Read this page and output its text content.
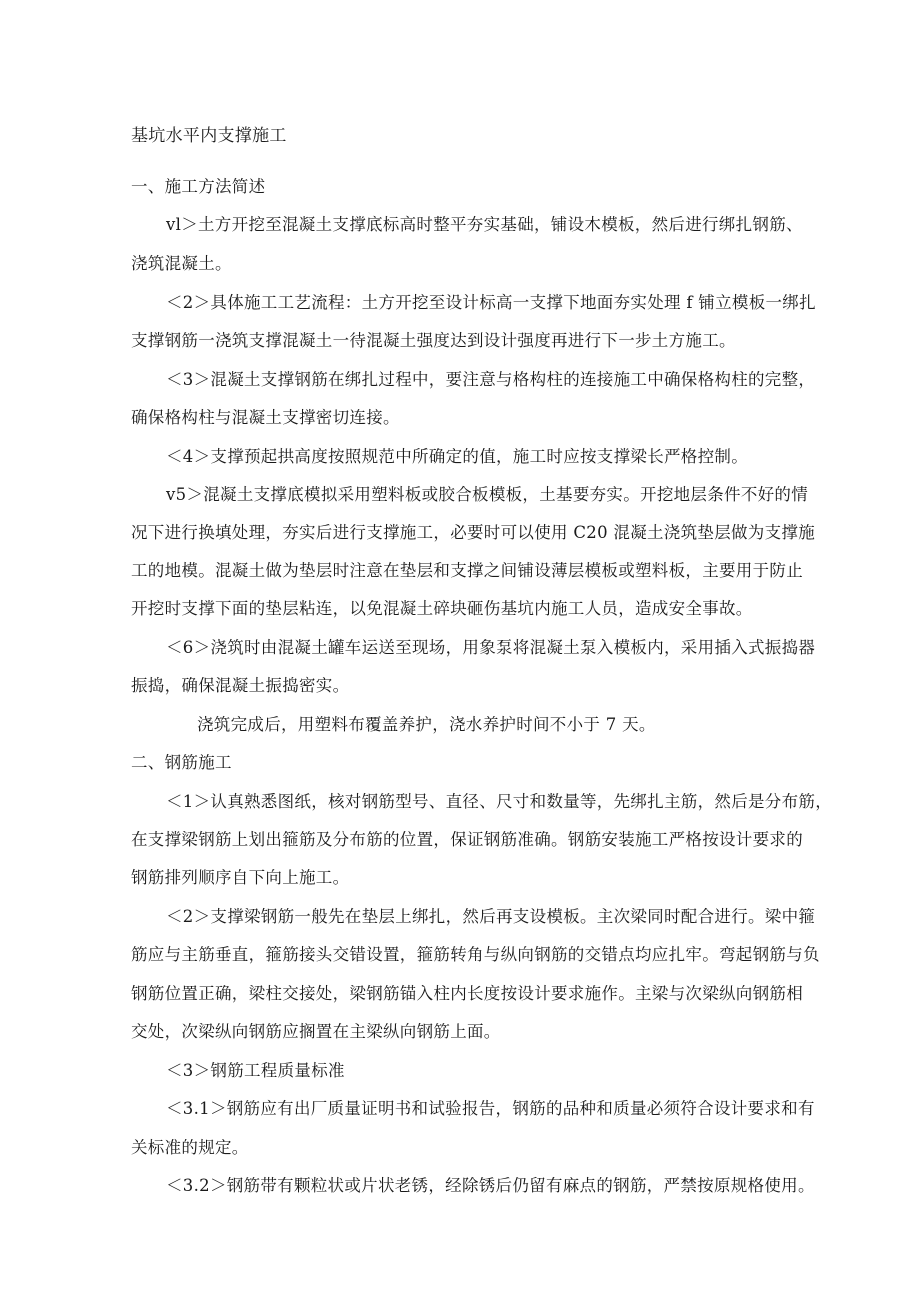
基坑水平内支撑施工
一、施工方法简述
vl＞土方开挖至混凝土支撑底标高时整平夯实基础，铺设木模板，然后进行绑扎钢筋、
浇筑混凝土。
＜2＞具体施工工艺流程：土方开挖至设计标高一支撑下地面夯实处理 f 铺立模板一绑扎
支撑钢筋一浇筑支撑混凝土一待混凝土强度达到设计强度再进行下一步土方施工。
＜3＞混凝土支撑钢筋在绑扎过程中，要注意与格构柱的连接施工中确保格构柱的完整，
确保格构柱与混凝土支撑密切连接。
＜4＞支撑预起拱高度按照规范中所确定的值，施工时应按支撑梁长严格控制。
v5＞混凝土支撑底模拟采用塑料板或胶合板模板，土基要夯实。开挖地层条件不好的情
况下进行换填处理，夯实后进行支撑施工，必要时可以使用 C20 混凝土浇筑垫层做为支撑施
工的地模。混凝土做为垫层时注意在垫层和支撑之间铺设薄层模板或塑料板，主要用于防止
开挖时支撑下面的垫层粘连，以免混凝土碎块砸伤基坑内施工人员，造成安全事故。
＜6＞浇筑时由混凝土罐车运送至现场，用象泵将混凝土泵入模板内，采用插入式振捣器
振捣，确保混凝土振捣密实。
浇筑完成后，用塑料布覆盖养护，浇水养护时间不小于 7 天。
二、钢筋施工
＜1＞认真熟悉图纸，核对钢筋型号、直径、尺寸和数量等，先绑扎主筋，然后是分布筋，
在支撑梁钢筋上划出箍筋及分布筋的位置，保证钢筋准确。钢筋安装施工严格按设计要求的
钢筋排列顺序自下向上施工。
＜2＞支撑梁钢筋一般先在垫层上绑扎，然后再支设模板。主次梁同时配合进行。梁中箍
筋应与主筋垂直，箍筋接头交错设置，箍筋转角与纵向钢筋的交错点均应扎牢。弯起钢筋与负
钢筋位置正确，梁柱交接处，梁钢筋锚入柱内长度按设计要求施作。主梁与次梁纵向钢筋相
交处，次梁纵向钢筋应搁置在主梁纵向钢筋上面。
＜3＞钢筋工程质量标准
＜3.1＞钢筋应有出厂质量证明书和试验报告，钢筋的品种和质量必须符合设计要求和有
关标准的规定。
＜3.2＞钢筋带有颗粒状或片状老锈，经除锈后仍留有麻点的钢筋，严禁按原规格使用。
